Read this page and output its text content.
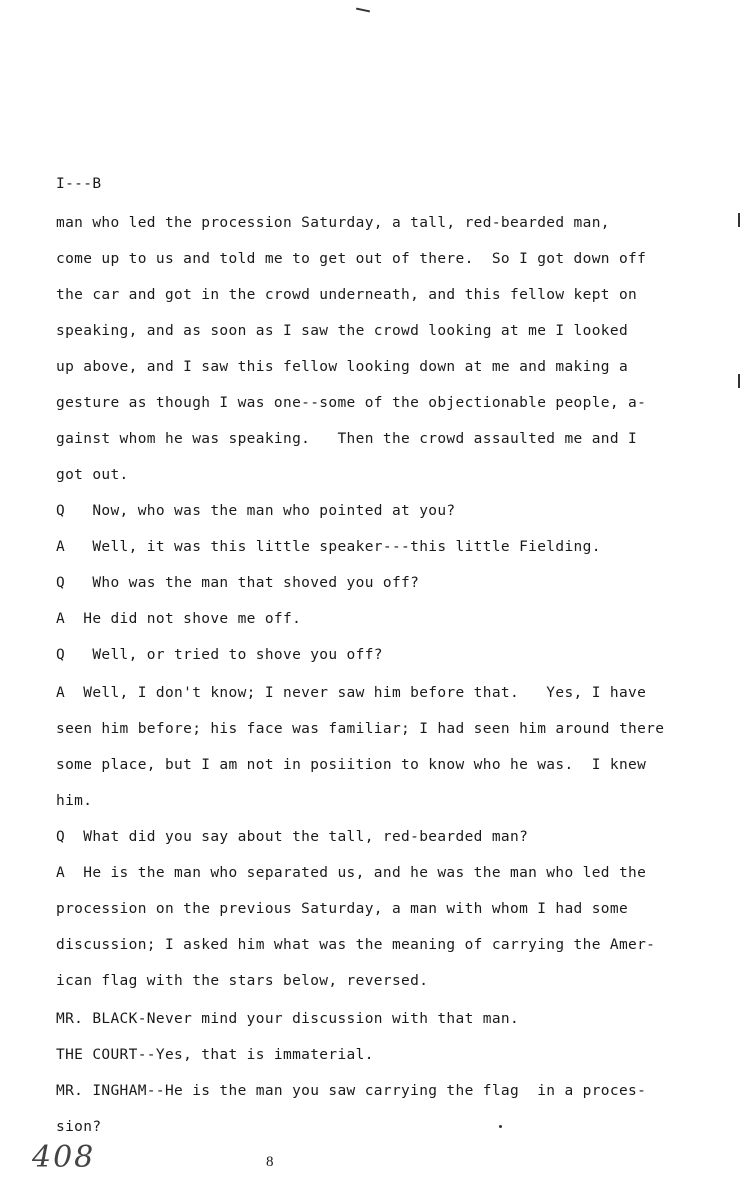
I---B
man who led the procession Saturday, a tall, red-bearded man,
come up to us and told me to get out of there.  So I got down off
the car and got in the crowd underneath, and this fellow kept on
speaking, and as soon as I saw the crowd looking at me I looked
up above, and I saw this fellow looking down at me and making a
gesture as though I was one--some of the objectionable people, a-
gainst whom he was speaking.   Then the crowd assaulted me and I
got out.
Q   Now, who was the man who pointed at you?
A   Well, it was this little speaker---this little Fielding.
Q   Who was the man that shoved you off?
A  He did not shove me off.
Q   Well, or tried to shove you off?
A  Well, I don't know; I never saw him before that.   Yes, I have
seen him before; his face was familiar; I had seen him around there
some place, but I am not in posiition to know who he was.  I knew
him.
Q  What did you say about the tall, red-bearded man?
A  He is the man who separated us, and he was the man who led the
procession on the previous Saturday, a man with whom I had some
discussion; I asked him what was the meaning of carrying the Amer-
ican flag with the stars below, reversed.
MR. BLACK-Never mind your discussion with that man.
THE COURT--Yes, that is immaterial.
MR. INGHAM--He is the man you saw carrying the flag  in a proces-
sion?
408	8
